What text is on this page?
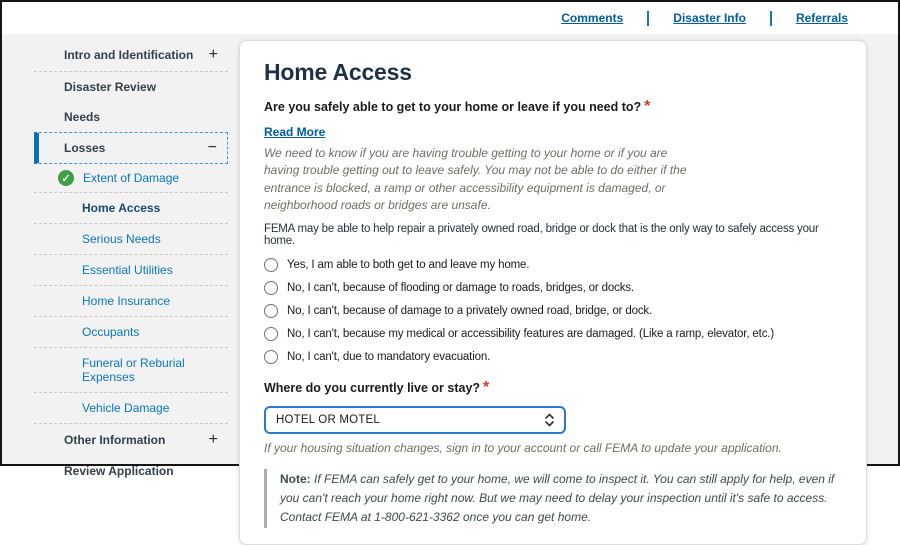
Comments	Disaster Info	Referrals
Intro and Identification +
Disaster Review
Needs
Losses	−
✓ Extent of Damage
Home Access
Serious Needs
Essential Utilities
Home Insurance
Occupants
Funeral or Reburial Expenses
Vehicle Damage
Other Information	+
Review Application
Home Access
Are you safely able to get to your home or leave if you need to? *
Read More
We need to know if you are having trouble getting to your home or if you are having trouble getting out to leave safely. You may not be able to do either if the entrance is blocked, a ramp or other accessibility equipment is damaged, or neighborhood roads or bridges are unsafe.
FEMA may be able to help repair a privately owned road, bridge or dock that is the only way to safely access your home.
Yes, I am able to both get to and leave my home.
No, I can't, because of flooding or damage to roads, bridges, or docks.
No, I can't, because of damage to a privately owned road, bridge, or dock.
No, I can't, because my medical or accessibility features are damaged. (Like a ramp, elevator, etc.)
No, I can't, due to mandatory evacuation.
Where do you currently live or stay? *
HOTEL OR MOTEL
If your housing situation changes, sign in to your account or call FEMA to update your application.
Note: If FEMA can safely get to your home, we will come to inspect it. You can still apply for help, even if you can't reach your home right now. But we may need to delay your inspection until it's safe to access. Contact FEMA at 1-800-621-3362 once you can get home.
